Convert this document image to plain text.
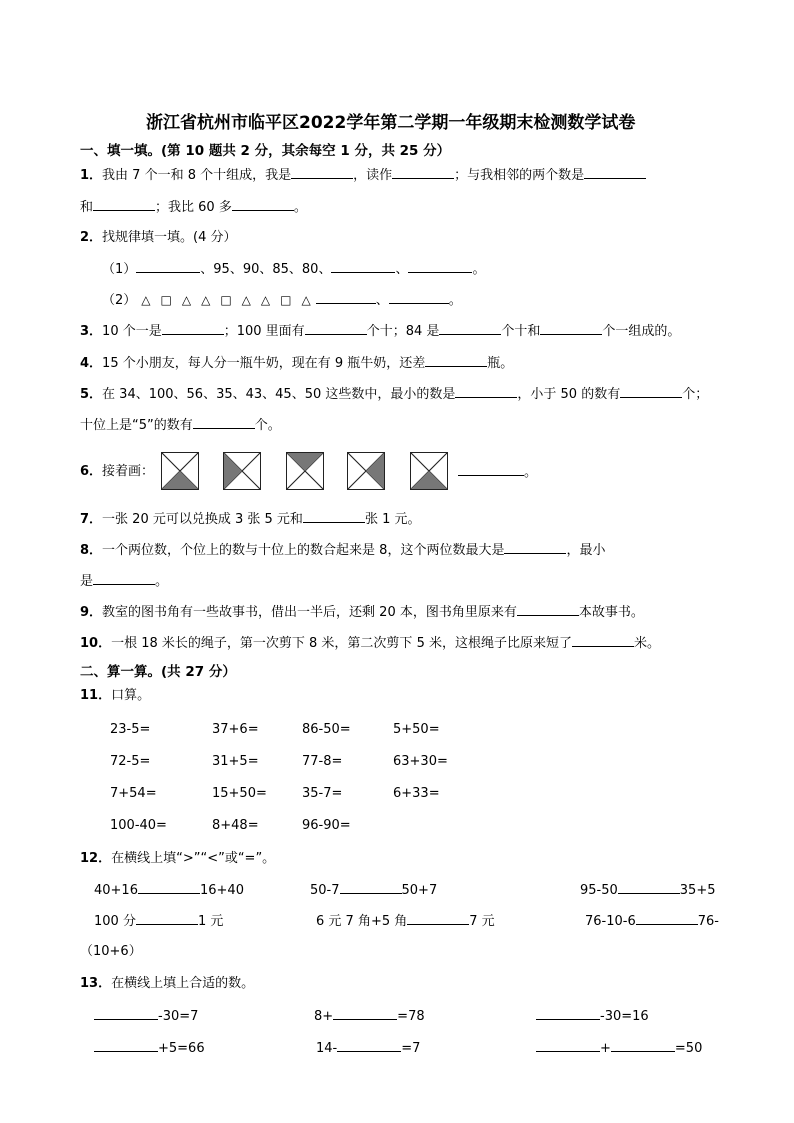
浙江省杭州市临平区2022学年第二学期一年级期末检测数学试卷
一、填一填。(第 10 题共 2 分，其余每空 1 分，共 25 分）
1．我由 7 个一和 8 个十组成，我是	，读作	；与我相邻的两个数是
和	；我比 60 多	。
2．找规律填一填。(4 分）
（1）	、95、90、85、80、	、	。
（2） △ □ △ △ □ △ △ □ △	、	。
3．10 个一是	；100 里面有	个十；84 是	个十和	个一组成的。
4．15 个小朋友，每人分一瓶牛奶，现在有 9 瓶牛奶，还差	瓶。
5．在 34、100、56、35、43、45、50 这些数中，最小的数是	，小于 50 的数有	个；
十位上是“5”的数有	个。
6．接着画：	。
7．一张 20 元可以兑换成 3 张 5 元和	张 1 元。
8．一个两位数，个位上的数与十位上的数合起来是 8，这个两位数最大是	，最小
是	。
9．教室的图书角有一些故事书，借出一半后，还剩 20 本，图书角里原来有	本故事书。
10．一根 18 米长的绳子，第一次剪下 8 米，第二次剪下 5 米，这根绳子比原来短了	米。
二、算一算。(共 27 分）
11．口算。
23-5=	37+6=	86-50=	5+50=
72-5=	31+5=	77-8=	63+30=
7+54=	15+50=	35-7=	6+33=
100-40=	8+48=	96-90=
12．在横线上填“>”“<”或“=”。
40+16	16+40	50-7	50+7	95-50	35+5
100 分	1 元	6 元 7 角+5 角	7 元	76-10-6	76-
（10+6）
13．在横线上填上合适的数。
-30=7	8+	=78	-30=16
+5=66	14-	=7	+	=50
